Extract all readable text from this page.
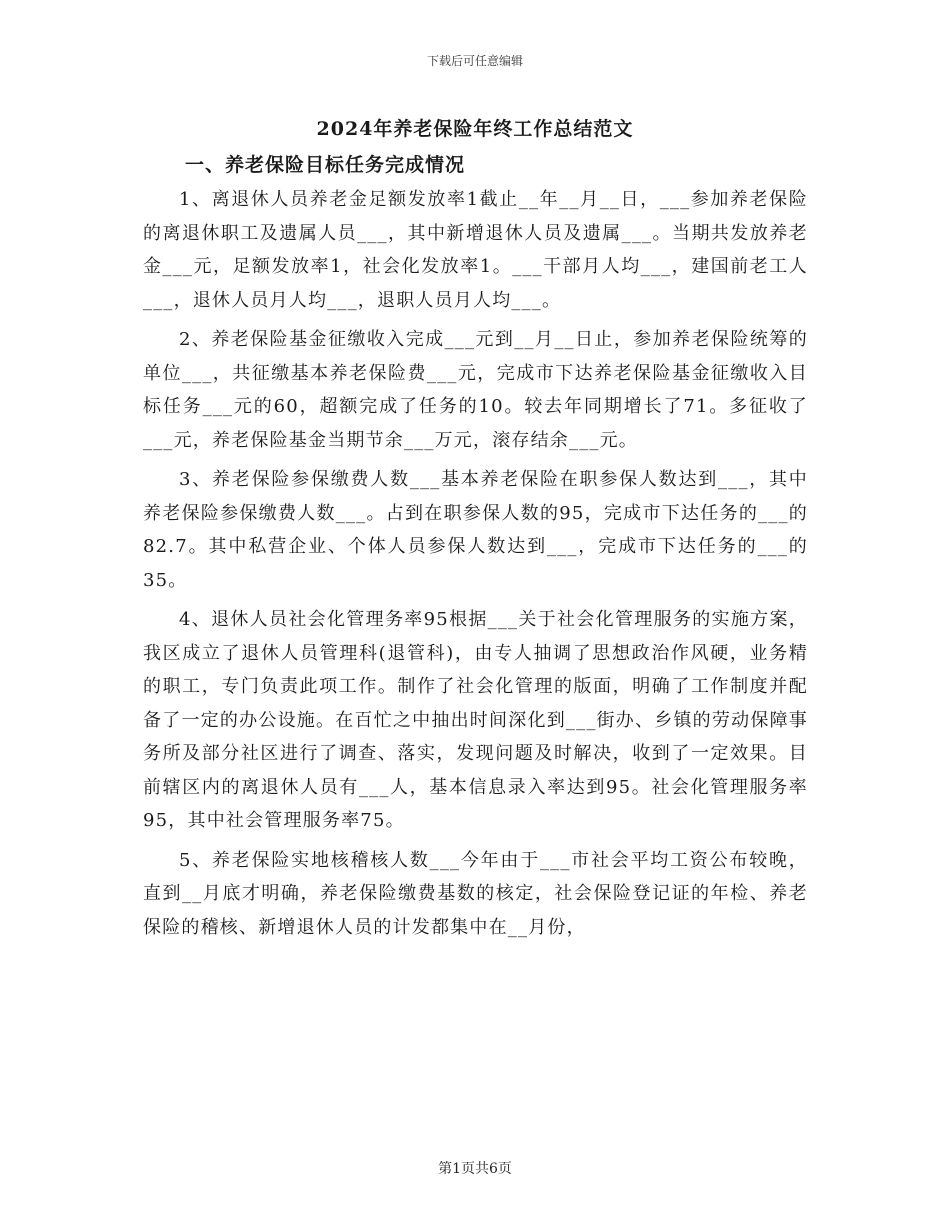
下载后可任意编辑
2024年养老保险年终工作总结范文
一、养老保险目标任务完成情况

1、离退休人员养老金足额发放率1截止__年__月__日，___参加养老保险的离退休职工及遗属人员___，其中新增退休人员及遗属___。当期共发放养老金___元，足额发放率1，社会化发放率1。___干部月人均___，建国前老工人___，退休人员月人均___，退职人员月人均___。

2、养老保险基金征缴收入完成___元到__月__日止，参加养老保险统筹的单位___，共征缴基本养老保险费___元，完成市下达养老保险基金征缴收入目标任务___元的60，超额完成了任务的10。较去年同期增长了71。多征收了___元，养老保险基金当期节余___万元，滚存结余___元。

3、养老保险参保缴费人数___基本养老保险在职参保人数达到___，其中养老保险参保缴费人数___。占到在职参保人数的95，完成市下达任务的___的82.7。其中私营企业、个体人员参保人数达到___，完成市下达任务的___的35。

4、退休人员社会化管理务率95根据___关于社会化管理服务的实施方案，我区成立了退休人员管理科(退管科)，由专人抽调了思想政治作风硬，业务精的职工，专门负责此项工作。制作了社会化管理的版面，明确了工作制度并配备了一定的办公设施。在百忙之中抽出时间深化到___街办、乡镇的劳动保障事务所及部分社区进行了调查、落实，发现问题及时解决，收到了一定效果。目前辖区内的离退休人员有___人，基本信息录入率达到95。社会化管理服务率95，其中社会管理服务率75。

5、养老保险实地核稽核人数___今年由于___市社会平均工资公布较晚，直到__月底才明确，养老保险缴费基数的核定，社会保险登记证的年检、养老保险的稽核、新增退休人员的计发都集中在__月份，

第1页共6页
